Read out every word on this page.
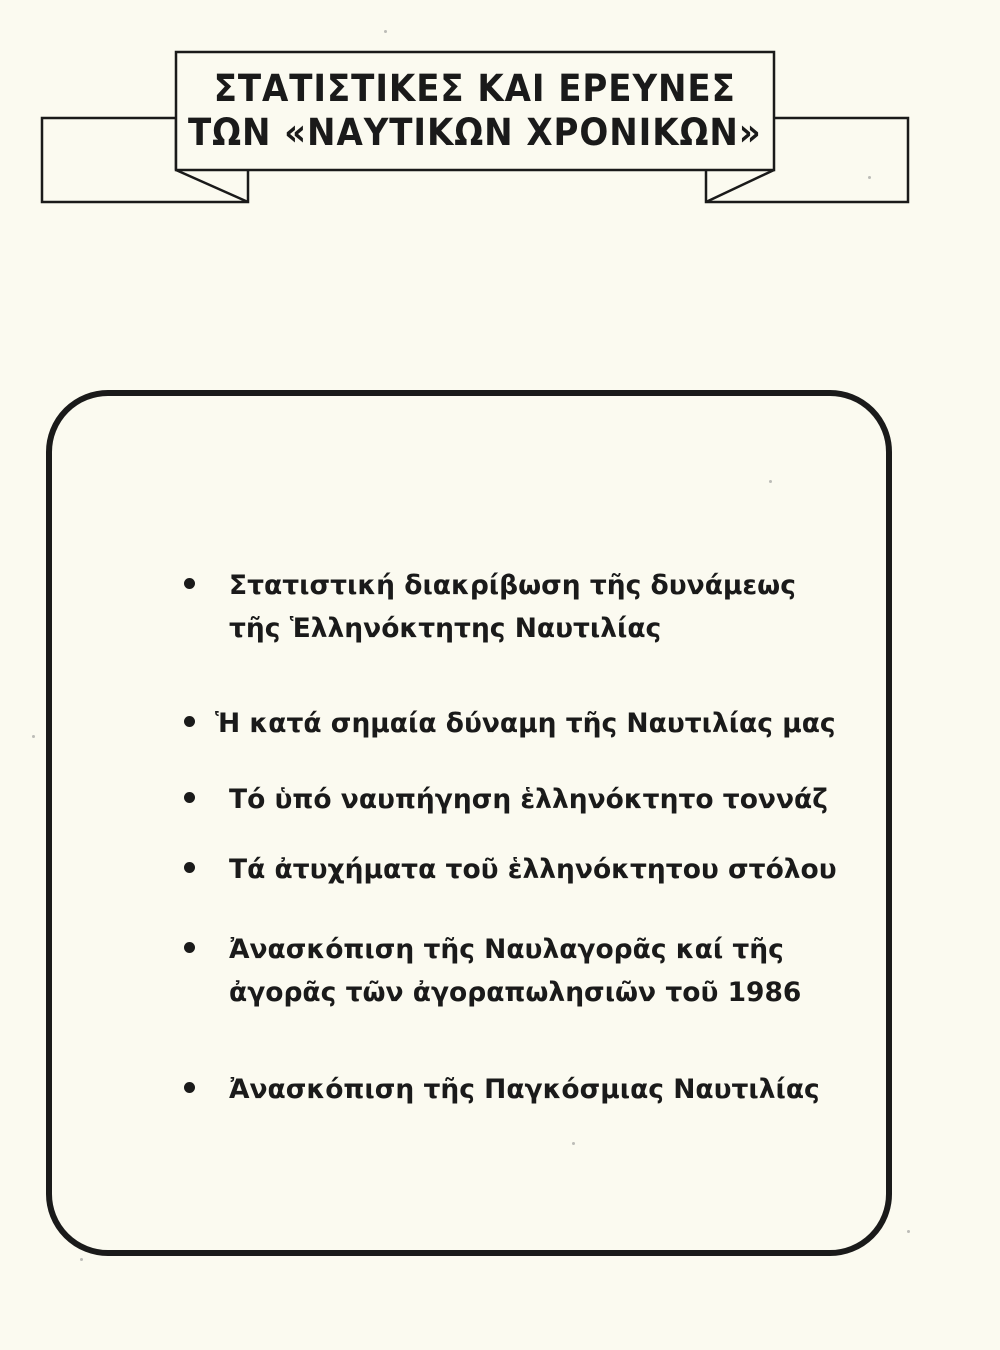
ΣΤΑΤΙΣΤΙΚΕΣ ΚΑΙ ΕΡΕΥΝΕΣ
ΤΩΝ «ΝΑΥΤΙΚΩΝ ΧΡΟΝΙΚΩΝ»
Στατιστική διακρίβωση τῆς δυνάμεως
τῆς Ἑλληνόκτητης Ναυτιλίας
Ἡ κατά σημαία δύναμη τῆς Ναυτιλίας μας
Τό ὑπό ναυπήγηση ἑλληνόκτητο τοννάζ
Τά ἀτυχήματα τοῦ ἑλληνόκτητου στόλου
Ἀνασκόπιση τῆς Ναυλαγορᾶς καί τῆς
ἀγορᾶς τῶν ἀγοραπωλησιῶν τοῦ 1986
Ἀνασκόπιση τῆς Παγκόσμιας Ναυτιλίας
